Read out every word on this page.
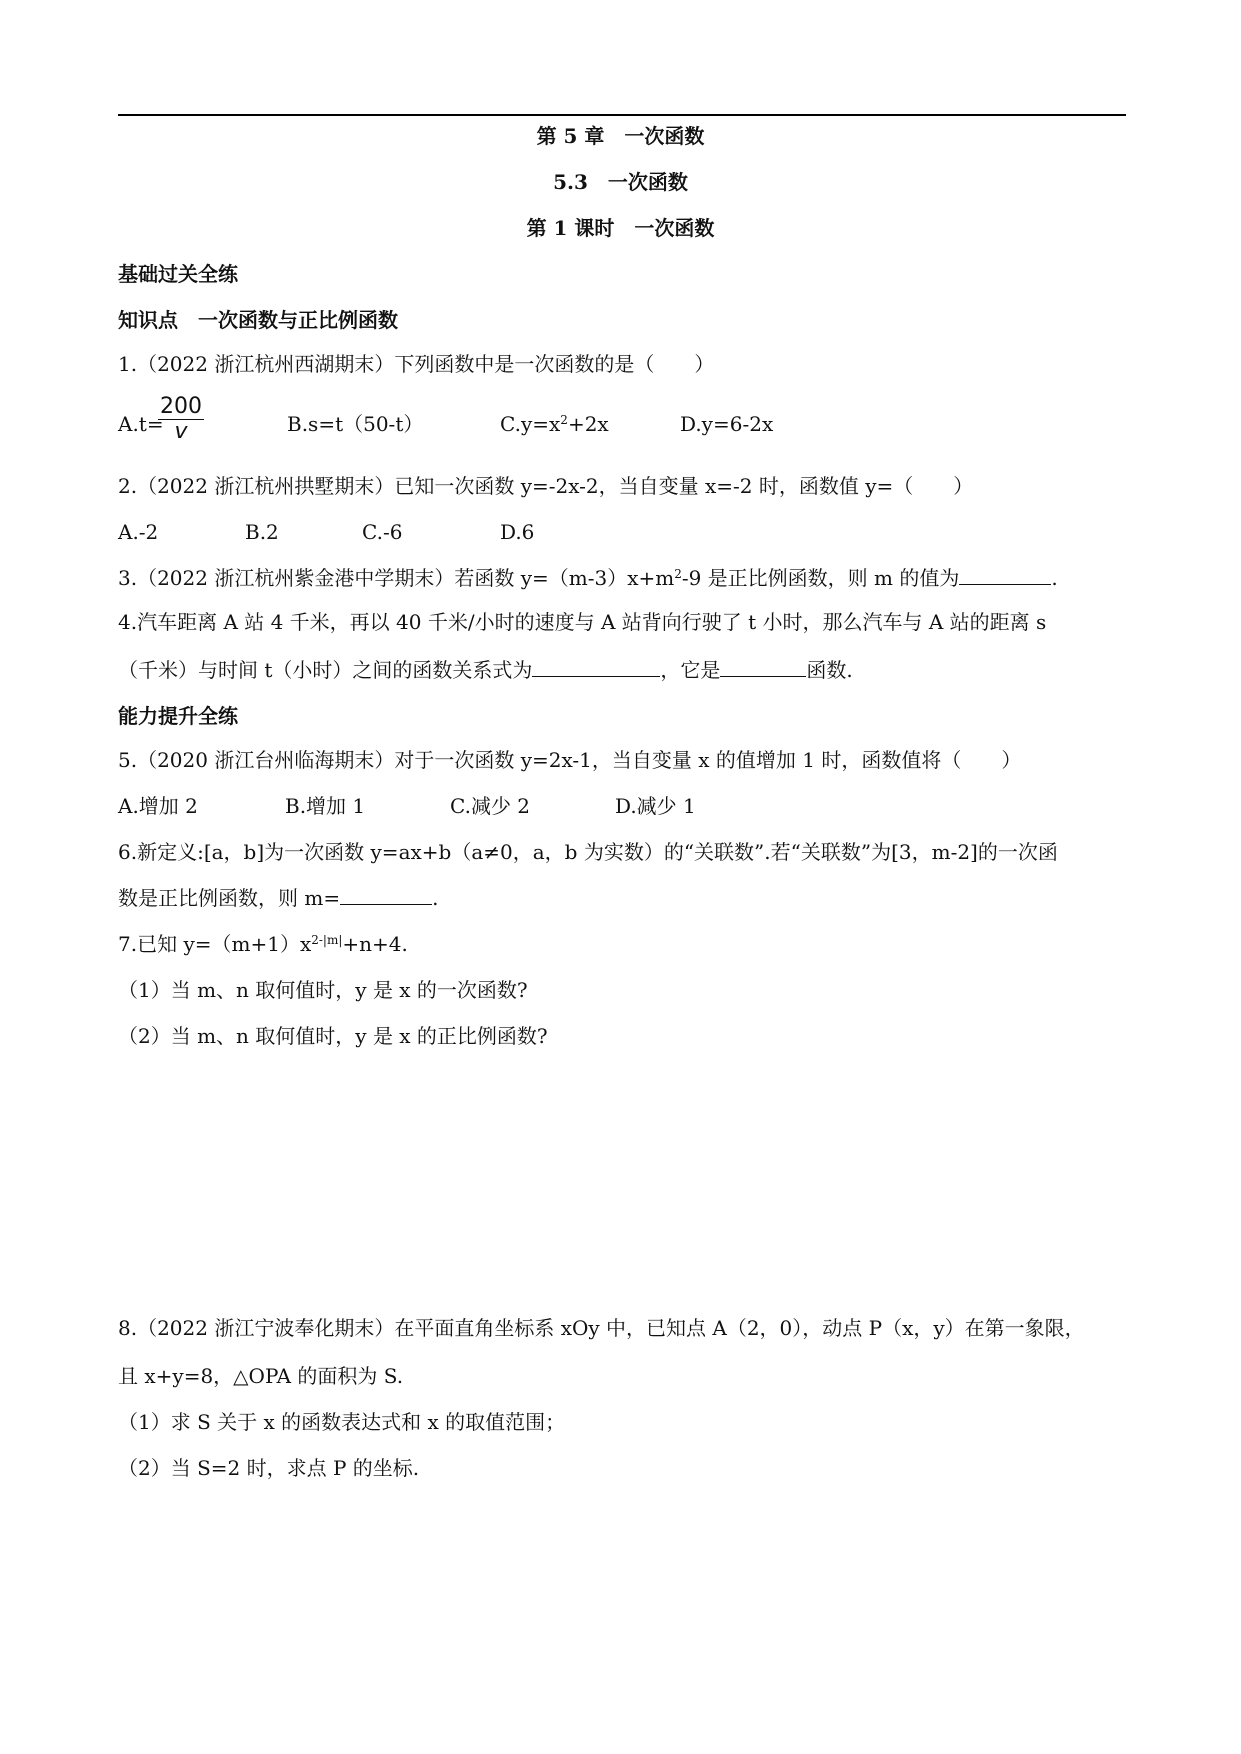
第 5 章　一次函数
5.3　一次函数
第 1 课时　一次函数
基础过关全练
知识点　一次函数与正比例函数
1.（2022 浙江杭州西湖期末）下列函数中是一次函数的是（　　）
A.t=
$\frac{200}{v}$	B.s=t（50-t）	$C.y=x^2+2x$	D.y=6-2x
2.（2022 浙江杭州拱墅期末）已知一次函数 y=-2x-2，当自变量 x=-2 时，函数值 y=（　　）
A.-2	B.2	C.-6	D.6
3.（2022 浙江杭州紫金港中学期末）若函数 $y=(m-3)x+m^2-9$ 是正比例函数，则 m 的值为	.
4.汽车距离 A 站 4 千米，再以 40 千米/小时的速度与 A 站背向行驶了 t 小时，那么汽车与 A 站的距离 s
（千米）与时间 t（小时）之间的函数关系式为	，它是	函数.
能力提升全练
5.（2020 浙江台州临海期末）对于一次函数 y=2x-1，当自变量 x 的值增加 1 时，函数值将（　　）
A.增加 2	B.增加 1	C.减少 2	D.减少 1
6.新定义:[a，b]为一次函数 y=ax+b（a≠0，a，b 为实数）的“关联数”.若“关联数”为[3，m-2]的一次函
数是正比例函数，则 m=	.
7.已知 $y=(m+1)x^{2-|m|}+n+4$.
（1）当 m、n 取何值时，y 是 x 的一次函数?
（2）当 m、n 取何值时，y 是 x 的正比例函数?
8.（2022 浙江宁波奉化期末）在平面直角坐标系 xOy 中，已知点 A（2，0），动点 P（x，y）在第一象限，
且 x+y=8，△OPA 的面积为 S.
（1）求 S 关于 x 的函数表达式和 x 的取值范围；
（2）当 S=2 时，求点 P 的坐标.
